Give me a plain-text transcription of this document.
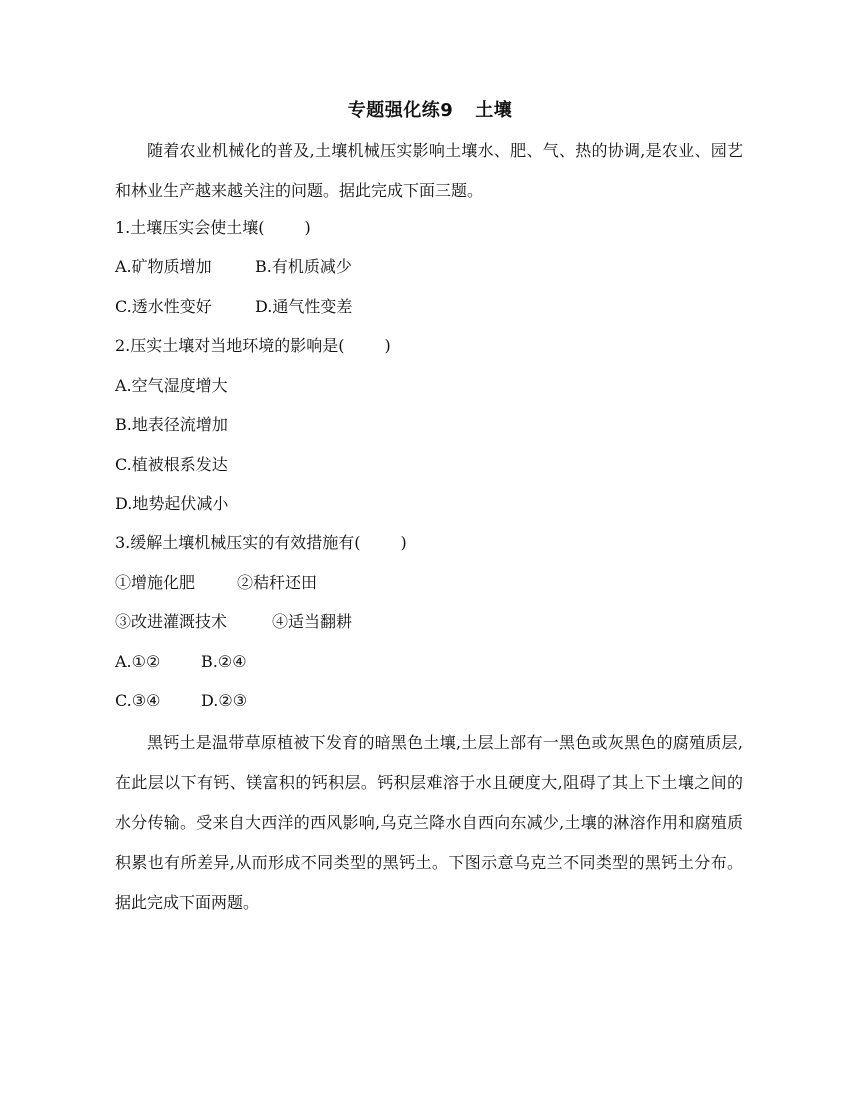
专题强化练9 土壤
随着农业机械化的普及,土壤机械压实影响土壤水、肥、气、热的协调,是农业、园艺和林业生产越来越关注的问题。据此完成下面三题。
1.土壤压实会使土壤(	)
A.矿物质增加	B.有机质减少
C.透水性变好	D.通气性变差
2.压实土壤对当地环境的影响是(	)
A.空气湿度增大
B.地表径流增加
C.植被根系发达
D.地势起伏减小
3.缓解土壤机械压实的有效措施有(	)
①增施化肥	②秸秆还田
③改进灌溉技术	④适当翻耕
A.①②	B.②④
C.③④	D.②③
黑钙土是温带草原植被下发育的暗黑色土壤,土层上部有一黑色或灰黑色的腐殖质层,在此层以下有钙、镁富积的钙积层。钙积层难溶于水且硬度大,阻碍了其上下土壤之间的水分传输。受来自大西洋的西风影响,乌克兰降水自西向东减少,土壤的淋溶作用和腐殖质积累也有所差异,从而形成不同类型的黑钙土。下图示意乌克兰不同类型的黑钙土分布。据此完成下面两题。
